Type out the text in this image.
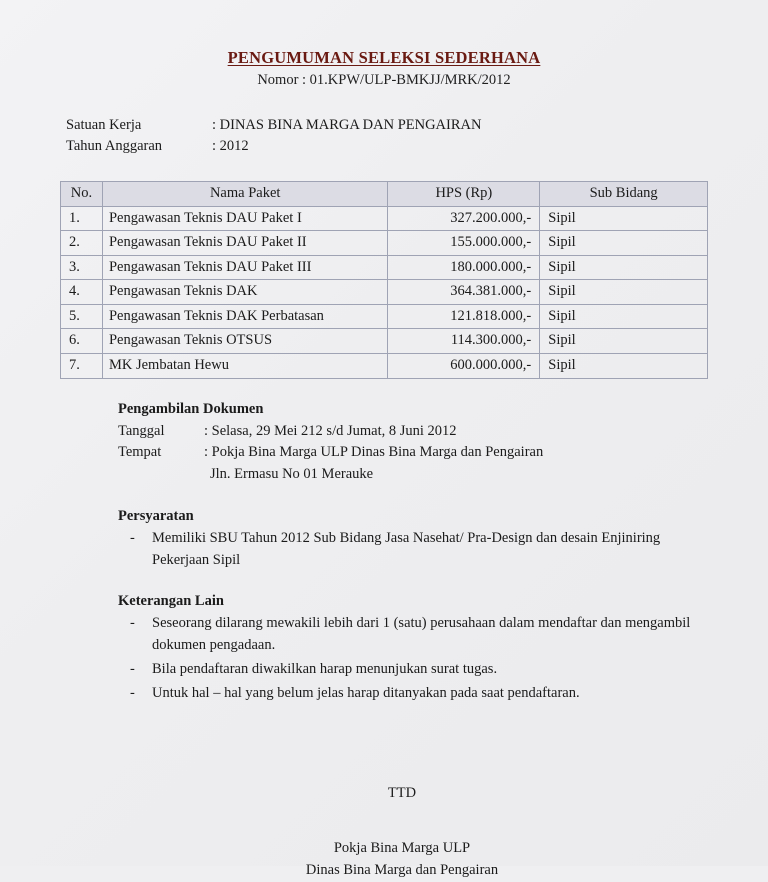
PENGUMUMAN SELEKSI SEDERHANA
Nomor : 01.KPW/ULP-BMKJJ/MRK/2012
Satuan Kerja	: DINAS BINA MARGA DAN PENGAIRAN
Tahun Anggaran	: 2012
No.	Nama Paket	HPS (Rp)	Sub Bidang
1.	Pengawasan Teknis DAU Paket I	327.200.000,-	Sipil
2.	Pengawasan Teknis DAU Paket II	155.000.000,-	Sipil
3.	Pengawasan Teknis DAU Paket III	180.000.000,-	Sipil
4.	Pengawasan Teknis DAK	364.381.000,-	Sipil
5.	Pengawasan Teknis DAK Perbatasan	121.818.000,-	Sipil
6.	Pengawasan Teknis OTSUS	114.300.000,-	Sipil
7.	MK Jembatan Hewu	600.000.000,-	Sipil
Pengambilan Dokumen
Tanggal	: Selasa, 29 Mei 212 s/d Jumat, 8 Juni 2012
Tempat	: Pokja Bina Marga ULP Dinas Bina Marga dan Pengairan
Jln. Ermasu No 01 Merauke
Persyaratan
- Memiliki SBU Tahun 2012 Sub Bidang Jasa Nasehat/ Pra-Design dan desain Enjiniring Pekerjaan Sipil
Keterangan Lain
- Seseorang dilarang mewakili lebih dari 1 (satu) perusahaan dalam mendaftar dan mengambil dokumen pengadaan.
- Bila pendaftaran diwakilkan harap menunjukan surat tugas.
- Untuk hal – hal yang belum jelas harap ditanyakan pada saat pendaftaran.
TTD
Pokja Bina Marga ULP
Dinas Bina Marga dan Pengairan
